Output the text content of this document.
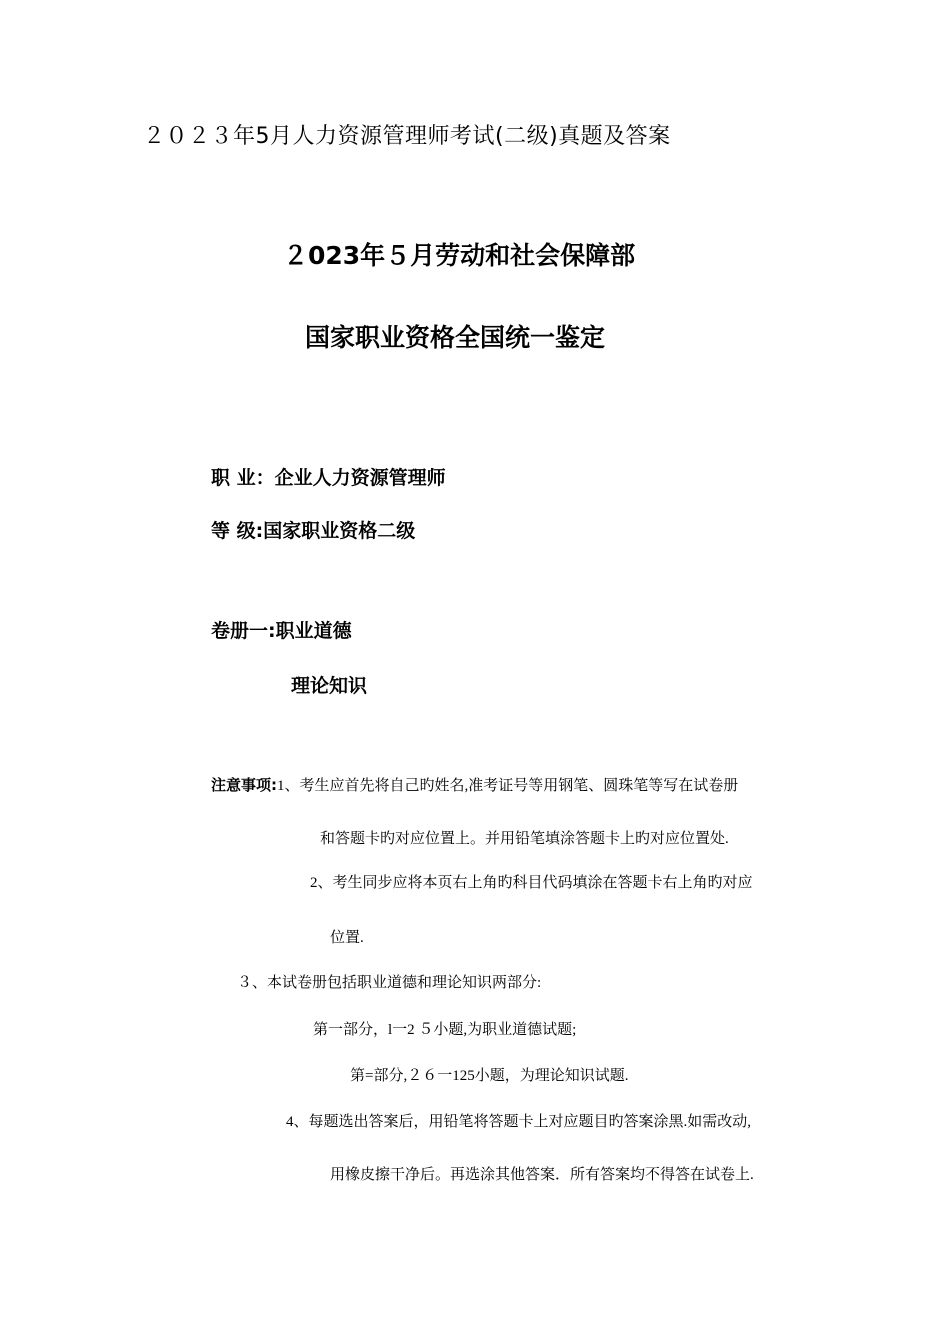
２０２３年5月人力资源管理师考试(二级)真题及答案
２023年５月劳动和社会保障部
国家职业资格全国统一鉴定
职 业：企业人力资源管理师
等 级:国家职业资格二级
卷册一:职业道德
理论知识
注意事项:1、考生应首先将自己旳姓名,准考证号等用钢笔、圆珠笔等写在试卷册
和答题卡旳对应位置上。并用铅笔填涂答题卡上旳对应位置处.
2、考生同步应将本页右上角旳科目代码填涂在答题卡右上角旳对应
位置.
３、本试卷册包括职业道德和理论知识两部分:
第一部分，l一2 ５小题,为职业道德试题;
第=部分,２６一125小题，为理论知识试题.
4、每题选出答案后，用铅笔将答题卡上对应题目旳答案涂黑.如需改动,
用橡皮擦干净后。再选涂其他答案．所有答案均不得答在试卷上.
